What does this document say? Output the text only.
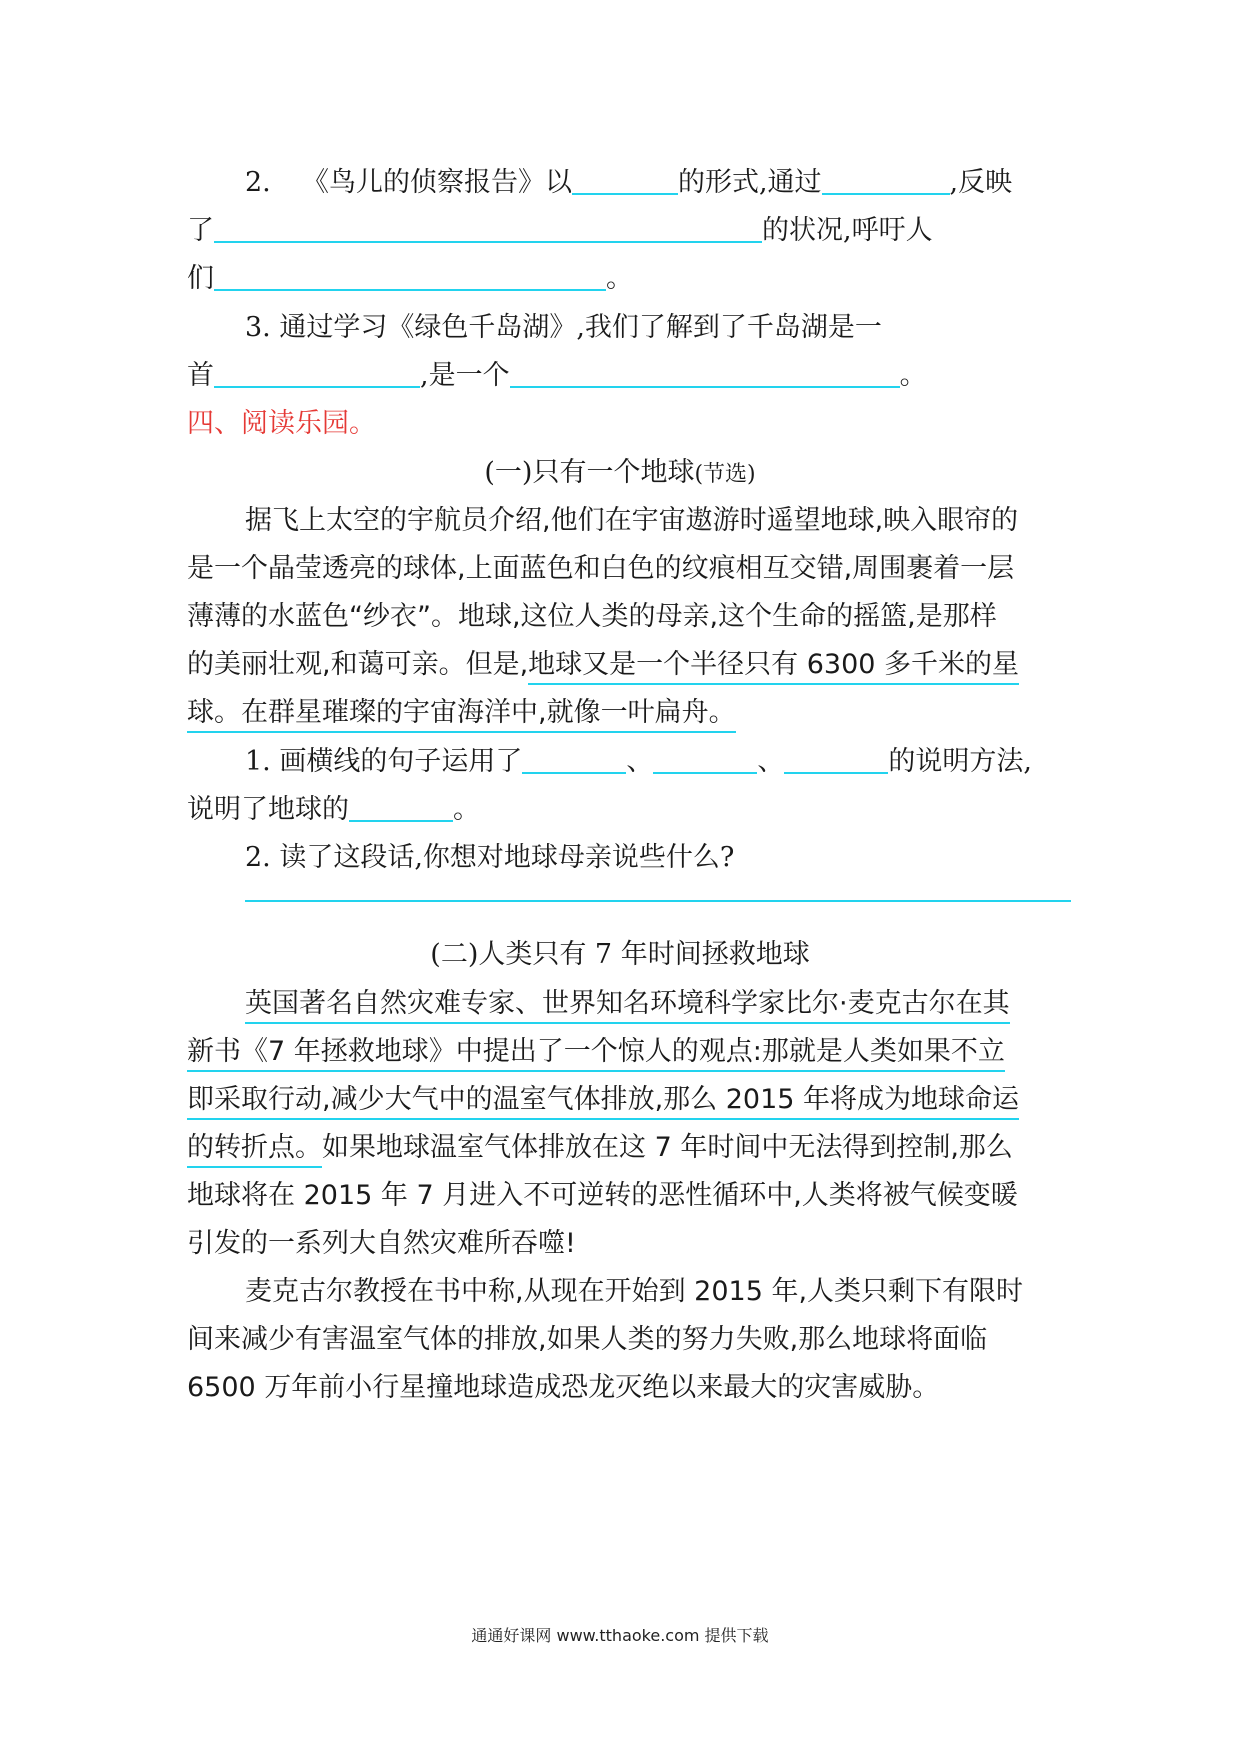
2. 《鸟儿的侦察报告》以	的形式,通过	,反映
了	的状况,呼吁人
们	。
3. 通过学习《绿色千岛湖》,我们了解到了千岛湖是一
首	,是一个	。
四、阅读乐园。
(一)只有一个地球(节选)
据飞上太空的宇航员介绍,他们在宇宙遨游时遥望地球,映入眼帘的
是一个晶莹透亮的球体,上面蓝色和白色的纹痕相互交错,周围裹着一层
薄薄的水蓝色“纱衣”。地球,这位人类的母亲,这个生命的摇篮,是那样
的美丽壮观,和蔼可亲。但是,地球又是一个半径只有 6300 多千米的星
球。在群星璀璨的宇宙海洋中,就像一叶扁舟。
1. 画横线的句子运用了	、	、	的说明方法,
说明了地球的	。
2. 读了这段话,你想对地球母亲说些什么?
(二)人类只有 7 年时间拯救地球
英国著名自然灾难专家、世界知名环境科学家比尔·麦克古尔在其
新书《7 年拯救地球》中提出了一个惊人的观点:那就是人类如果不立
即采取行动,减少大气中的温室气体排放,那么 2015 年将成为地球命运
的转折点。如果地球温室气体排放在这 7 年时间中无法得到控制,那么
地球将在 2015 年 7 月进入不可逆转的恶性循环中,人类将被气候变暖
引发的一系列大自然灾难所吞噬!
麦克古尔教授在书中称,从现在开始到 2015 年,人类只剩下有限时
间来减少有害温室气体的排放,如果人类的努力失败,那么地球将面临
6500 万年前小行星撞地球造成恐龙灭绝以来最大的灾害威胁。
通通好课网 www.tthaoke.com 提供下载
